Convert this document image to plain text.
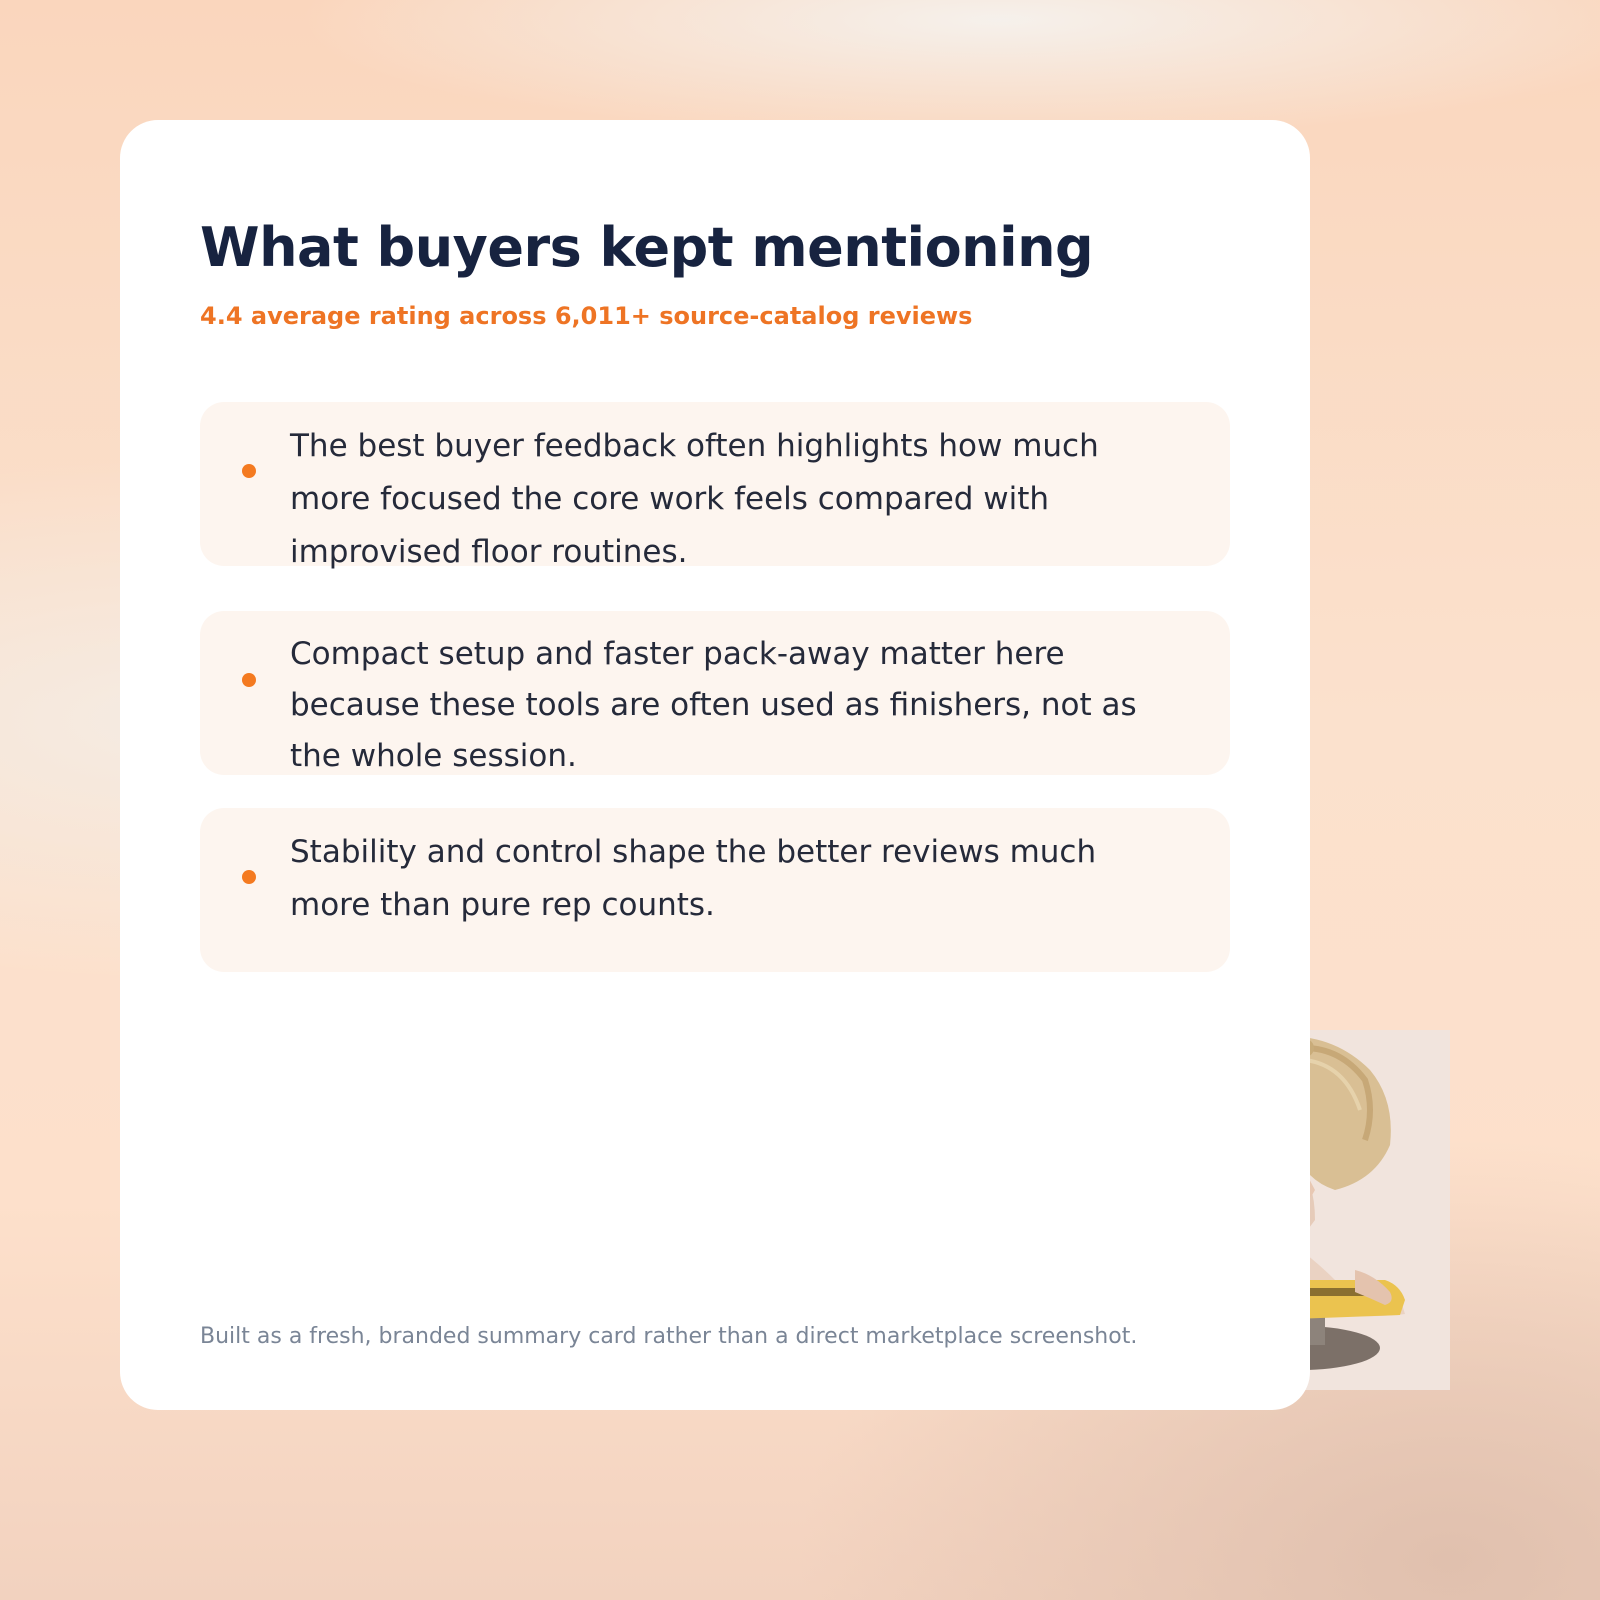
What buyers kept mentioning

4.4 average rating across 6,011+ source-catalog reviews

The best buyer feedback often highlights how much more focused the core work feels compared with improvised floor routines.

Compact setup and faster pack-away matter here because these tools are often used as finishers, not as the whole session.

Stability and control shape the better reviews much more than pure rep counts.

Built as a fresh, branded summary card rather than a direct marketplace screenshot.
